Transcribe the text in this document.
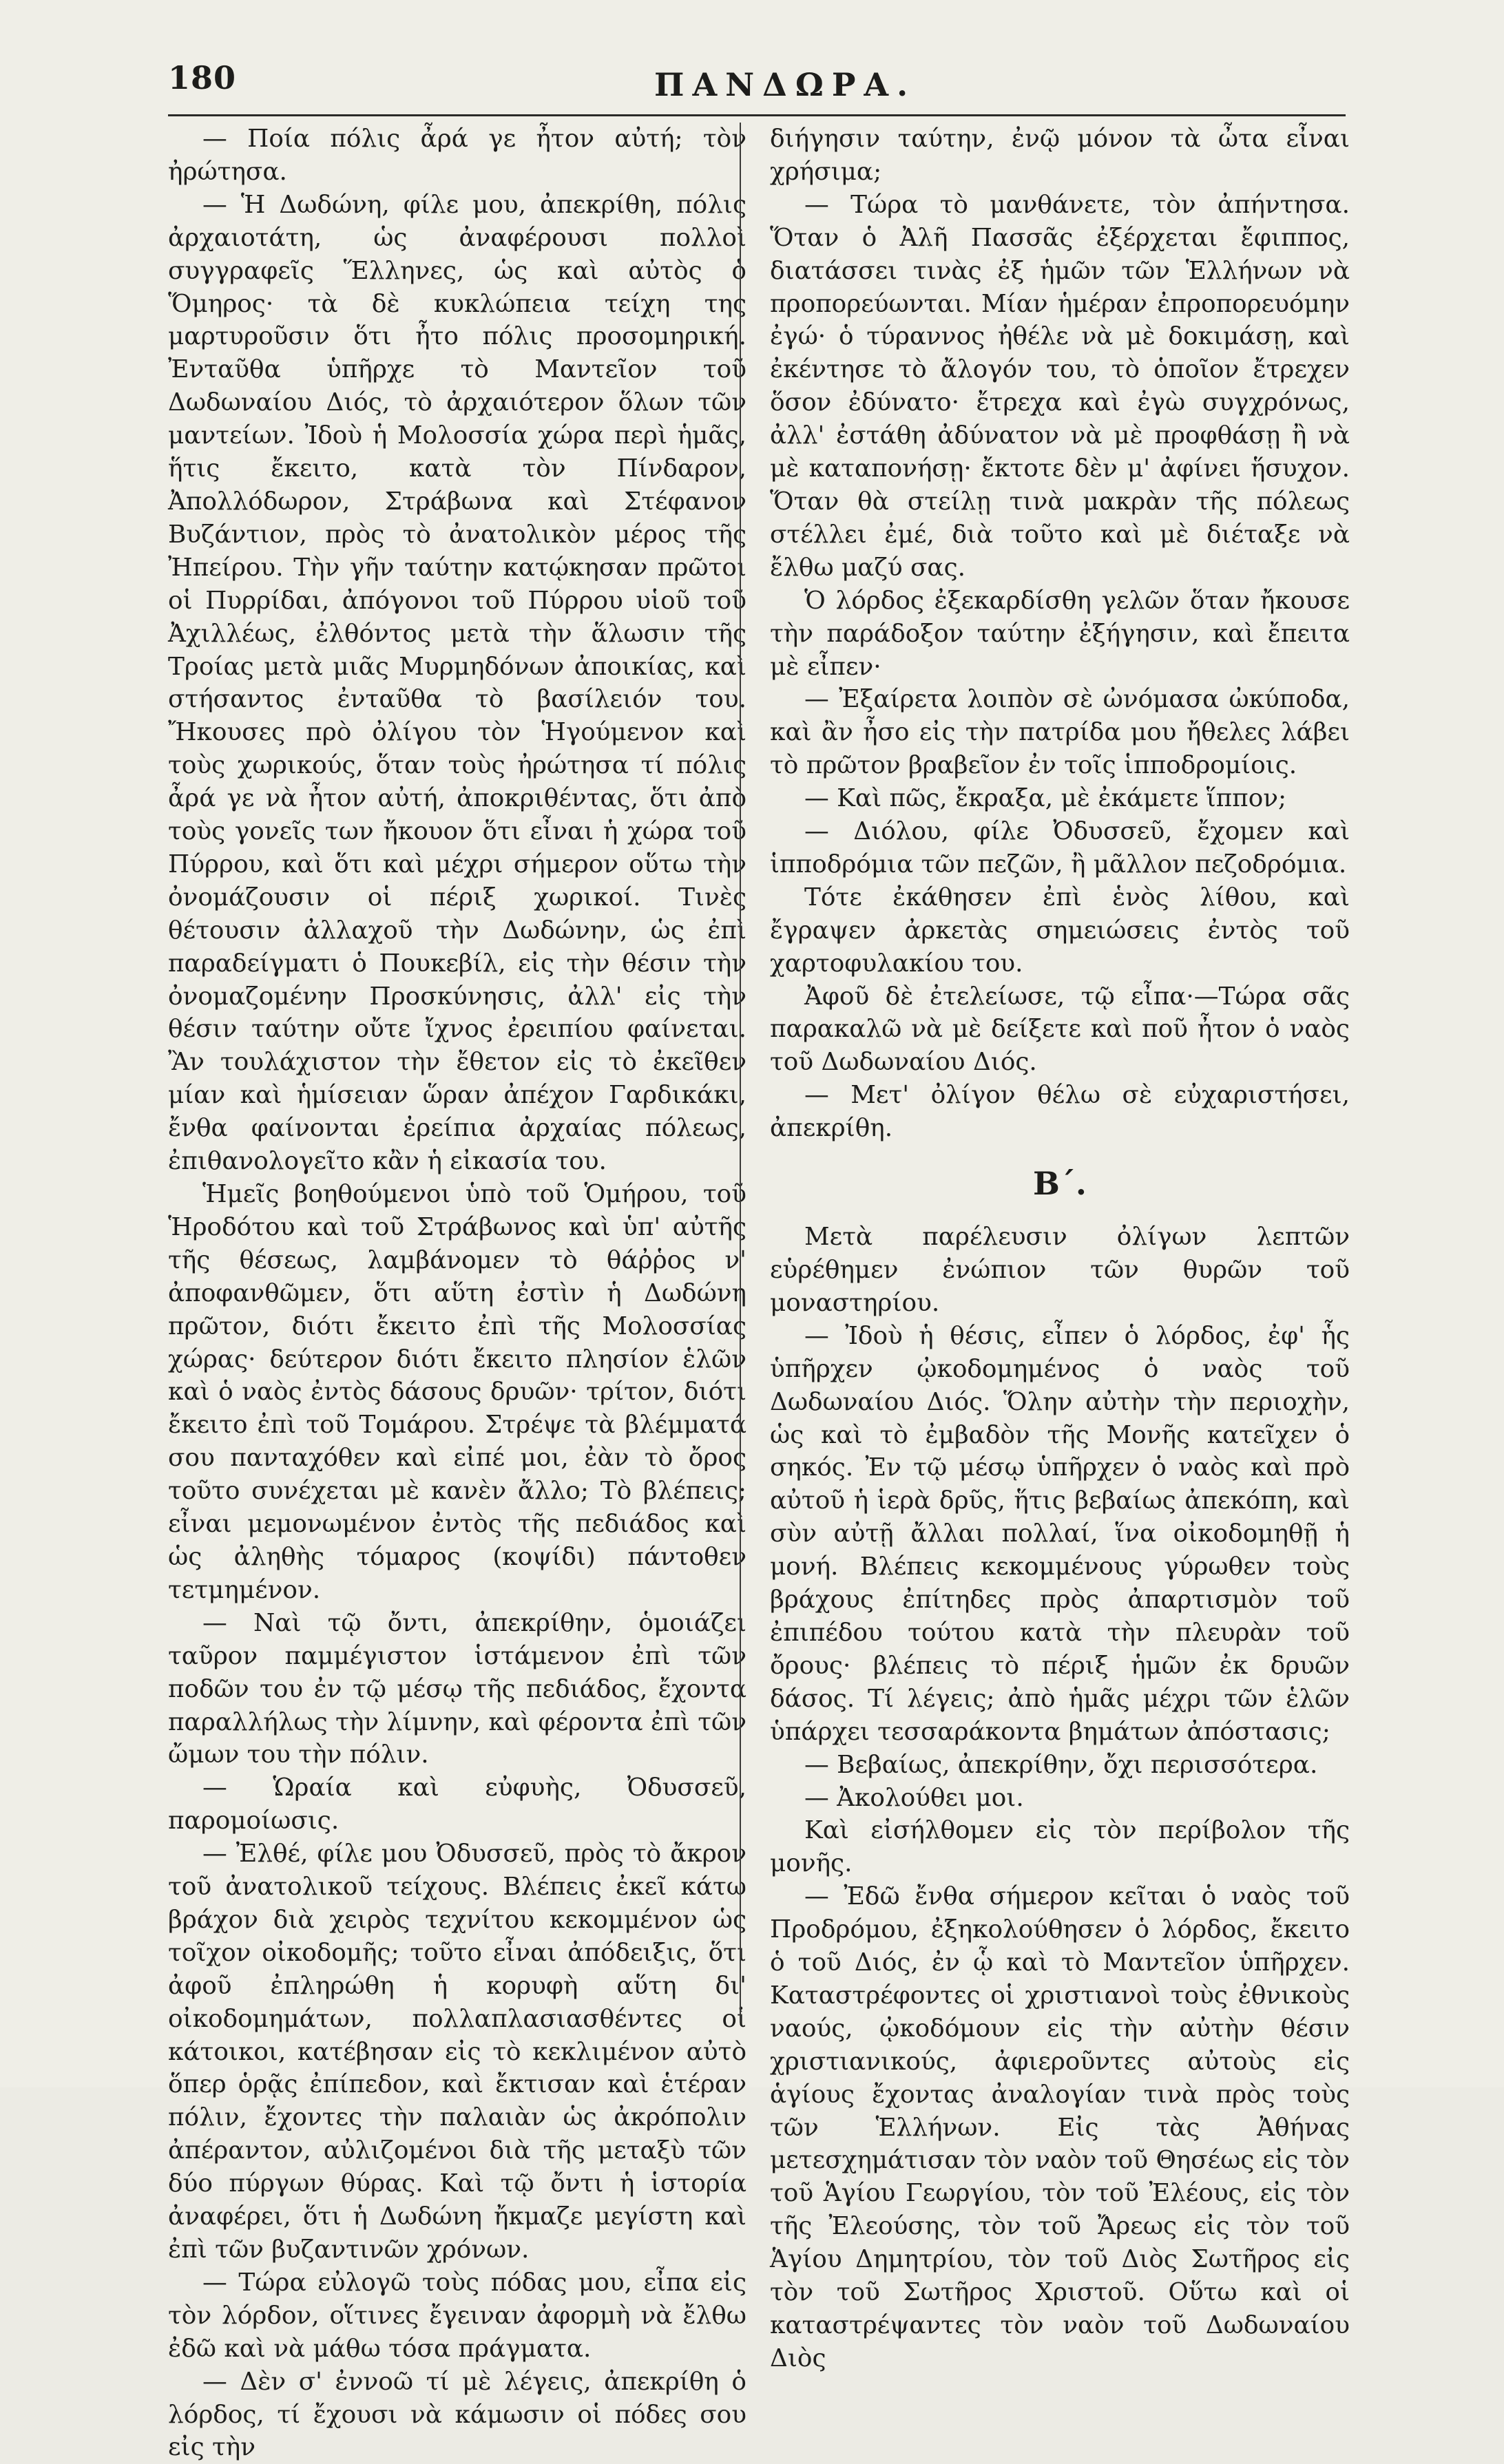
180	ΠΑΝΔΩΡΑ.

— Ποία πόλις ἆρά γε ἦτον αὐτή; τὸν ἠρώτησα.

— Ἡ Δωδώνη, φίλε μου, ἀπεκρίθη, πόλις ἀρχαιοτάτη, ὡς ἀναφέρουσι πολλοὶ συγγραφεῖς Ἕλληνες, ὡς καὶ αὐτὸς ὁ Ὅμηρος· τὰ δὲ κυκλώπεια τείχη της μαρτυροῦσιν ὅτι ἦτο πόλις προσομηρική. Ἐνταῦθα ὑπῆρχε τὸ Μαντεῖον τοῦ Δωδωναίου Διός, τὸ ἀρχαιότερον ὅλων τῶν μαντείων. Ἰδοὺ ἡ Μολοσσία χώρα περὶ ἡμᾶς, ἥτις ἔκειτο, κατὰ τὸν Πίνδαρον, Ἀπολλόδωρον, Στράβωνα καὶ Στέφανον Βυζάντιον, πρὸς τὸ ἀνατολικὸν μέρος τῆς Ἠπείρου. Τὴν γῆν ταύτην κατῴκησαν πρῶτοι οἱ Πυρρίδαι, ἀπόγονοι τοῦ Πύρρου υἱοῦ τοῦ Ἀχιλλέως, ἐλθόντος μετὰ τὴν ἅλωσιν τῆς Τροίας μετὰ μιᾶς Μυρμηδόνων ἀποικίας, καὶ στήσαντος ἐνταῦθα τὸ βασίλειόν του. Ἤκουσες πρὸ ὀλίγου τὸν Ἡγούμενον καὶ τοὺς χωρικούς, ὅταν τοὺς ἠρώτησα τί πόλις ἆρά γε νὰ ἦτον αὐτή, ἀποκριθέντας, ὅτι ἀπὸ τοὺς γονεῖς των ἤκουον ὅτι εἶναι ἡ χώρα τοῦ Πύρρου, καὶ ὅτι καὶ μέχρι σήμερον οὕτω τὴν ὀνομάζουσιν οἱ πέριξ χωρικοί. Τινὲς θέτουσιν ἀλλαχοῦ τὴν Δωδώνην, ὡς ἐπὶ παραδείγματι ὁ Πουκεβίλ, εἰς τὴν θέσιν τὴν ὀνομαζομένην Προσκύνησις, ἀλλ' εἰς τὴν θέσιν ταύτην οὔτε ἴχνος ἐρειπίου φαίνεται. Ἂν τουλάχιστον τὴν ἔθετον εἰς τὸ ἐκεῖθεν μίαν καὶ ἡμίσειαν ὥραν ἀπέχον Γαρδικάκι, ἔνθα φαίνονται ἐρείπια ἀρχαίας πόλεως, ἐπιθανολογεῖτο κἂν ἡ εἰκασία του.

Ἡμεῖς βοηθούμενοι ὑπὸ τοῦ Ὁμήρου, τοῦ Ἡροδότου καὶ τοῦ Στράβωνος καὶ ὑπ' αὐτῆς τῆς θέσεως, λαμβάνομεν τὸ θάῤῥος ν' ἀποφανθῶμεν, ὅτι αὕτη ἐστὶν ἡ Δωδώνη πρῶτον, διότι ἔκειτο ἐπὶ τῆς Μολοσσίας χώρας· δεύτερον διότι ἔκειτο πλησίον ἑλῶν καὶ ὁ ναὸς ἐντὸς δάσους δρυῶν· τρίτον, διότι ἔκειτο ἐπὶ τοῦ Τομάρου. Στρέψε τὰ βλέμματά σου πανταχόθεν καὶ εἰπέ μοι, ἐὰν τὸ ὄρος τοῦτο συνέχεται μὲ κανὲν ἄλλο; Τὸ βλέπεις; εἶναι μεμονωμένον ἐντὸς τῆς πεδιάδος καὶ ὡς ἀληθὴς τόμαρος (κοψίδι) πάντοθεν τετμημένον.

— Ναὶ τῷ ὄντι, ἀπεκρίθην, ὁμοιάζει ταῦρον παμμέγιστον ἱστάμενον ἐπὶ τῶν ποδῶν του ἐν τῷ μέσῳ τῆς πεδιάδος, ἔχοντα παραλλήλως τὴν λίμνην, καὶ φέροντα ἐπὶ τῶν ὤμων του τὴν πόλιν.

— Ὡραία καὶ εὐφυὴς, Ὀδυσσεῦ, παρομοίωσις.

— Ἐλθέ, φίλε μου Ὀδυσσεῦ, πρὸς τὸ ἄκρον τοῦ ἀνατολικοῦ τείχους. Βλέπεις ἐκεῖ κάτω βράχον διὰ χειρὸς τεχνίτου κεκομμένον ὡς τοῖχον οἰκοδομῆς; τοῦτο εἶναι ἀπόδειξις, ὅτι ἀφοῦ ἐπληρώθη ἡ κορυφὴ αὕτη δι' οἰκοδομημάτων, πολλαπλασιασθέντες οἱ κάτοικοι, κατέβησαν εἰς τὸ κεκλιμένον αὐτὸ ὅπερ ὁρᾷς ἐπίπεδον, καὶ ἔκτισαν καὶ ἑτέραν πόλιν, ἔχοντες τὴν παλαιὰν ὡς ἀκρόπολιν ἀπέραντον, αὐλιζομένοι διὰ τῆς μεταξὺ τῶν δύο πύργων θύρας. Καὶ τῷ ὄντι ἡ ἱστορία ἀναφέρει, ὅτι ἡ Δωδώνη ἤκμαζε μεγίστη καὶ ἐπὶ τῶν βυζαντινῶν χρόνων.

— Τώρα εὐλογῶ τοὺς πόδας μου, εἶπα εἰς τὸν λόρδον, οἵτινες ἔγειναν ἀφορμὴ νὰ ἔλθω ἐδῶ καὶ νὰ μάθω τόσα πράγματα.

— Δὲν σ' ἐννοῶ τί μὲ λέγεις, ἀπεκρίθη ὁ λόρδος, τί ἔχουσι νὰ κάμωσιν οἱ πόδες σου εἰς τὴν

διήγησιν ταύτην, ἐνῷ μόνον τὰ ὦτα εἶναι χρήσιμα;

— Τώρα τὸ μανθάνετε, τὸν ἀπήντησα. Ὅταν ὁ Ἀλῆ Πασσᾶς ἐξέρχεται ἔφιππος, διατάσσει τινὰς ἐξ ἡμῶν τῶν Ἑλλήνων νὰ προπορεύωνται. Μίαν ἡμέραν ἐπροπορευόμην ἐγώ· ὁ τύραννος ἠθέλε νὰ μὲ δοκιμάσῃ, καὶ ἐκέντησε τὸ ἄλογόν του, τὸ ὁποῖον ἔτρεχεν ὅσον ἐδύνατο· ἔτρεχα καὶ ἐγὼ συγχρόνως, ἀλλ' ἐστάθη ἀδύνατον νὰ μὲ προφθάσῃ ἢ νὰ μὲ καταπονήσῃ· ἔκτοτε δὲν μ' ἀφίνει ἥσυχον. Ὅταν θὰ στείλῃ τινὰ μακρὰν τῆς πόλεως στέλλει ἐμέ, διὰ τοῦτο καὶ μὲ διέταξε νὰ ἔλθω μαζύ σας.

Ὁ λόρδος ἐξεκαρδίσθη γελῶν ὅταν ἤκουσε τὴν παράδοξον ταύτην ἐξήγησιν, καὶ ἔπειτα μὲ εἶπεν·

— Ἐξαίρετα λοιπὸν σὲ ὠνόμασα ὠκύποδα, καὶ ἂν ἦσο εἰς τὴν πατρίδα μου ἤθελες λάβει τὸ πρῶτον βραβεῖον ἐν τοῖς ἱπποδρομίοις.

— Καὶ πῶς, ἔκραξα, μὲ ἐκάμετε ἵππον;

— Διόλου, φίλε Ὀδυσσεῦ, ἔχομεν καὶ ἱπποδρόμια τῶν πεζῶν, ἢ μᾶλλον πεζοδρόμια.

Τότε ἐκάθησεν ἐπὶ ἑνὸς λίθου, καὶ ἔγραψεν ἀρκετὰς σημειώσεις ἐντὸς τοῦ χαρτοφυλακίου του.

Ἀφοῦ δὲ ἐτελείωσε, τῷ εἶπα·—Τώρα σᾶς παρακαλῶ νὰ μὲ δείξετε καὶ ποῦ ἦτον ὁ ναὸς τοῦ Δωδωναίου Διός.

— Μετ' ὀλίγον θέλω σὲ εὐχαριστήσει, ἀπεκρίθη.

Β΄.

Μετὰ παρέλευσιν ὀλίγων λεπτῶν εὑρέθημεν ἐνώπιον τῶν θυρῶν τοῦ μοναστηρίου.

— Ἰδοὺ ἡ θέσις, εἶπεν ὁ λόρδος, ἐφ' ἧς ὑπῆρχεν ᾠκοδομημένος ὁ ναὸς τοῦ Δωδωναίου Διός. Ὅλην αὐτὴν τὴν περιοχὴν, ὡς καὶ τὸ ἐμβαδὸν τῆς Μονῆς κατεῖχεν ὁ σηκός. Ἐν τῷ μέσῳ ὑπῆρχεν ὁ ναὸς καὶ πρὸ αὐτοῦ ἡ ἱερὰ δρῦς, ἥτις βεβαίως ἀπεκόπη, καὶ σὺν αὐτῇ ἄλλαι πολλαί, ἵνα οἰκοδομηθῇ ἡ μονή. Βλέπεις κεκομμένους γύρωθεν τοὺς βράχους ἐπίτηδες πρὸς ἀπαρτισμὸν τοῦ ἐπιπέδου τούτου κατὰ τὴν πλευρὰν τοῦ ὄρους· βλέπεις τὸ πέριξ ἡμῶν ἐκ δρυῶν δάσος. Τί λέγεις; ἀπὸ ἡμᾶς μέχρι τῶν ἑλῶν ὑπάρχει τεσσαράκοντα βημάτων ἀπόστασις;

— Βεβαίως, ἀπεκρίθην, ὄχι περισσότερα.

— Ἀκολούθει μοι.

Καὶ εἰσήλθομεν εἰς τὸν περίβολον τῆς μονῆς.

— Ἐδῶ ἔνθα σήμερον κεῖται ὁ ναὸς τοῦ Προδρόμου, ἐξηκολούθησεν ὁ λόρδος, ἔκειτο ὁ τοῦ Διός, ἐν ᾧ καὶ τὸ Μαντεῖον ὑπῆρχεν. Καταστρέφοντες οἱ χριστιανοὶ τοὺς ἐθνικοὺς ναούς, ᾠκοδόμουν εἰς τὴν αὐτὴν θέσιν χριστιανικούς, ἀφιεροῦντες αὐτοὺς εἰς ἁγίους ἔχοντας ἀναλογίαν τινὰ πρὸς τοὺς τῶν Ἑλλήνων. Εἰς τὰς Ἀθήνας μετεσχημάτισαν τὸν ναὸν τοῦ Θησέως εἰς τὸν τοῦ Ἁγίου Γεωργίου, τὸν τοῦ Ἐλέους, εἰς τὸν τῆς Ἐλεούσης, τὸν τοῦ Ἄρεως εἰς τὸν τοῦ Ἁγίου Δημητρίου, τὸν τοῦ Διὸς Σωτῆρος εἰς τὸν τοῦ Σωτῆρος Χριστοῦ. Οὕτω καὶ οἱ καταστρέψαντες τὸν ναὸν τοῦ Δωδωναίου Διὸς
